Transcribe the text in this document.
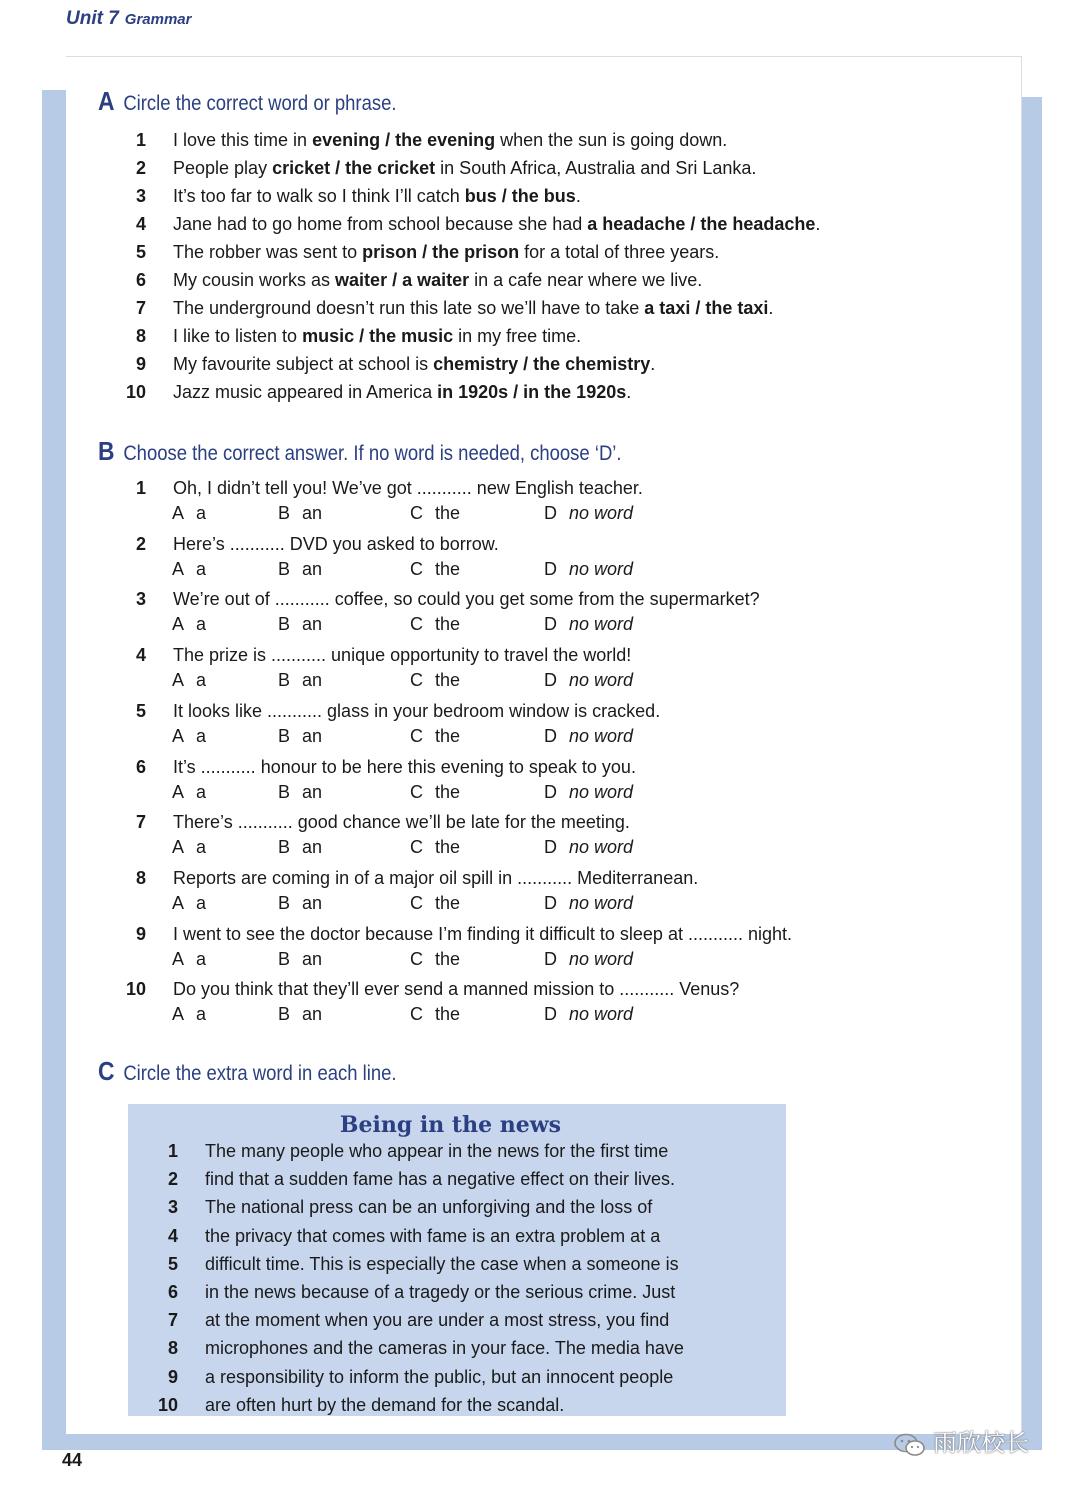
Unit 7 Grammar
A Circle the correct word or phrase.
1 I love this time in evening / the evening when the sun is going down.
2 People play cricket / the cricket in South Africa, Australia and Sri Lanka.
3 It’s too far to walk so I think I’ll catch bus / the bus.
4 Jane had to go home from school because she had a headache / the headache.
5 The robber was sent to prison / the prison for a total of three years.
6 My cousin works as waiter / a waiter in a cafe near where we live.
7 The underground doesn’t run this late so we’ll have to take a taxi / the taxi.
8 I like to listen to music / the music in my free time.
9 My favourite subject at school is chemistry / the chemistry.
10 Jazz music appeared in America in 1920s / in the 1920s.
B Choose the correct answer. If no word is needed, choose ‘D’.
1 Oh, I didn’t tell you! We’ve got ........... new English teacher.
A a	B an	C the	D no word
2 Here’s ........... DVD you asked to borrow.
A a	B an	C the	D no word
3 We’re out of ........... coffee, so could you get some from the supermarket?
A a	B an	C the	D no word
4 The prize is ........... unique opportunity to travel the world!
A a	B an	C the	D no word
5 It looks like ........... glass in your bedroom window is cracked.
A a	B an	C the	D no word
6 It’s ........... honour to be here this evening to speak to you.
A a	B an	C the	D no word
7 There’s ........... good chance we’ll be late for the meeting.
A a	B an	C the	D no word
8 Reports are coming in of a major oil spill in ........... Mediterranean.
A a	B an	C the	D no word
9 I went to see the doctor because I’m finding it difficult to sleep at ........... night.
A a	B an	C the	D no word
10 Do you think that they’ll ever send a manned mission to ........... Venus?
A a	B an	C the	D no word
C Circle the extra word in each line.
Being in the news
1 The many people who appear in the news for the first time
2 find that a sudden fame has a negative effect on their lives.
3 The national press can be an unforgiving and the loss of
4 the privacy that comes with fame is an extra problem at a
5 difficult time. This is especially the case when a someone is
6 in the news because of a tragedy or the serious crime. Just
7 at the moment when you are under a most stress, you find
8 microphones and the cameras in your face. The media have
9 a responsibility to inform the public, but an innocent people
10 are often hurt by the demand for the scandal.
44
雨欣校长
